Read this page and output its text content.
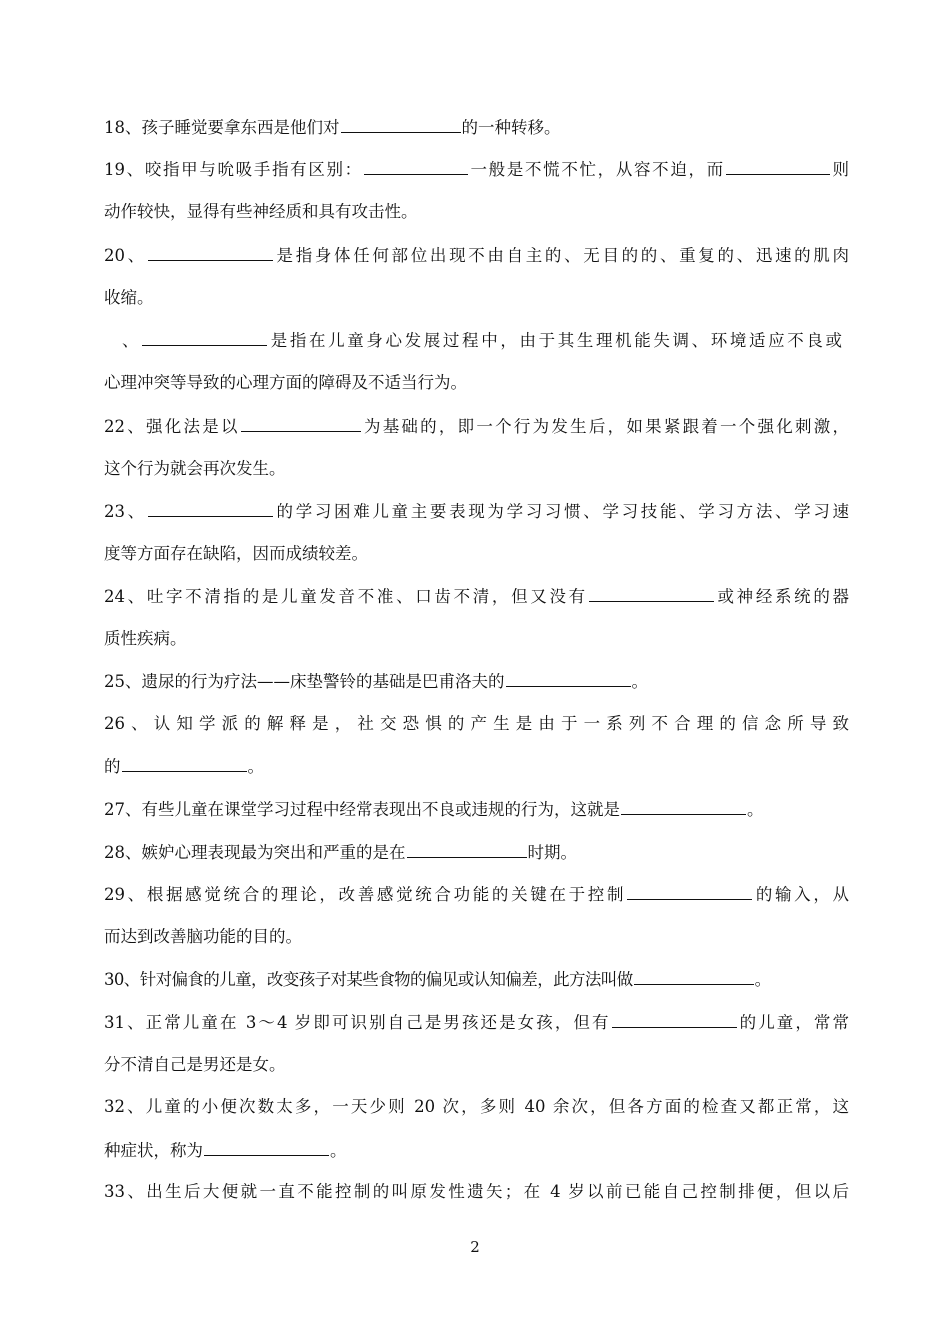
18、孩子睡觉要拿东西是他们对	的一种转移。
19、咬指甲与吮吸手指有区别：	一般是不慌不忙，从容不迫，而	则
动作较快，显得有些神经质和具有攻击性。
20、	是指身体任何部位出现不由自主的、无目的的、重复的、迅速的肌肉
收缩。
、	是指在儿童身心发展过程中，由于其生理机能失调、环境适应不良或
心理冲突等导致的心理方面的障碍及不适当行为。
22、强化法是以	为基础的，即一个行为发生后，如果紧跟着一个强化刺激，
这个行为就会再次发生。
23、	的学习困难儿童主要表现为学习习惯、学习技能、学习方法、学习速
度等方面存在缺陷，因而成绩较差。
24、吐字不清指的是儿童发音不准、口齿不清，但又没有	或神经系统的器
质性疾病。
25、遗尿的行为疗法——床垫警铃的基础是巴甫洛夫的	。
26、认知学派的解释是，社交恐惧的产生是由于一系列不合理的信念所导致
的	。
27、有些儿童在课堂学习过程中经常表现出不良或违规的行为，这就是	。
28、嫉妒心理表现最为突出和严重的是在	时期。
29、根据感觉统合的理论，改善感觉统合功能的关键在于控制	的输入，从
而达到改善脑功能的目的。
30、针对偏食的儿童，改变孩子对某些食物的偏见或认知偏差，此方法叫做	。
31、正常儿童在 3～4 岁即可识别自己是男孩还是女孩，但有	的儿童，常常
分不清自己是男还是女。
32、儿童的小便次数太多，一天少则 20 次，多则 40 余次，但各方面的检查又都正常，这
种症状，称为	。
33、出生后大便就一直不能控制的叫原发性遗矢；在 4 岁以前已能自己控制排便，但以后
2
